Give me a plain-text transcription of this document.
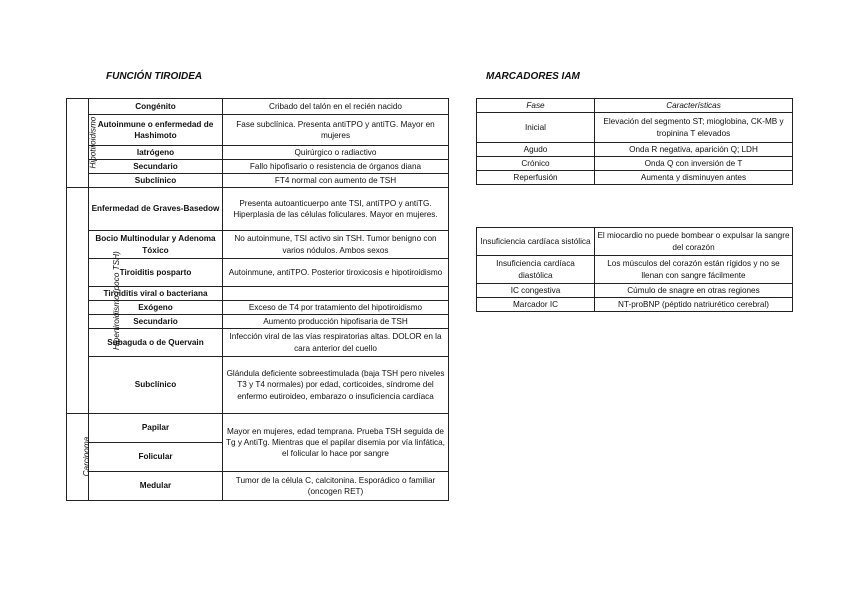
FUNCIÓN TIROIDEA	MARCADORES IAM
Hipotiroidismo	Congénito	Cribado del talón en el recién nacido
	Autoinmune o enfermedad de Hashimoto	Fase subclínica. Presenta antiTPO y antiTG. Mayor en mujeres
	Iatrógeno	Quirúrgico o radiactivo
	Secundario	Fallo hipofisario o resistencia de órganos diana
	Subclínico	FT4 normal con aumento de TSH
Hipertiroidismo (poco TSH)	Enfermedad de Graves-Basedow	Presenta autoanticuerpo ante TSI, antiTPO y antiTG. Hiperplasia de las células foliculares. Mayor en mujeres.
	Bocio Multinodular y Adenoma Tóxico	No autoinmune, TSI activo sin TSH. Tumor benigno con varios nódulos. Ambos sexos
	Tiroiditis posparto	Autoinmune, antiTPO. Posterior tiroxicosis e hipotiroidismo
	Tiroiditis viral o bacteriana	
	Exógeno	Exceso de T4 por tratamiento del hipotiroidismo
	Secundario	Aumento producción hipofisaria de TSH
	Subaguda o de Quervain	Infección viral de las vías respiratorias altas. DOLOR en la cara anterior del cuello
	Subclínico	Glándula deficiente sobreestimulada (baja TSH pero niveles T3 y T4 normales) por edad, corticoides, síndrome del enfermo eutiroideo, embarazo o insuficiencia cardíaca
Carcinoma	Papilar	Mayor en mujeres, edad temprana. Prueba TSH seguida de Tg y AntiTg. Mientras que el papilar disemia por vía linfática, el folicular lo hace por sangre
	Folicular	
	Medular	Tumor de la célula C, calcitonina. Esporádico o familiar (oncogen RET)
Fase	Características
Inicial	Elevación del segmento ST; mioglobina, CK-MB y tropinina T elevados
Agudo	Onda R negativa, aparición Q; LDH
Crónico	Onda Q con inversión de T
Reperfusión	Aumenta y disminuyen antes

Insuficiencia cardíaca sistólica	El miocardio no puede bombear o expulsar la sangre del corazón
Insuficiencia cardíaca diastólica	Los músculos del corazón están rígidos y no se llenan con sangre fácilmente
IC congestiva	Cúmulo de snagre en otras regiones
Marcador IC	NT-proBNP (péptido natriurético cerebral)
